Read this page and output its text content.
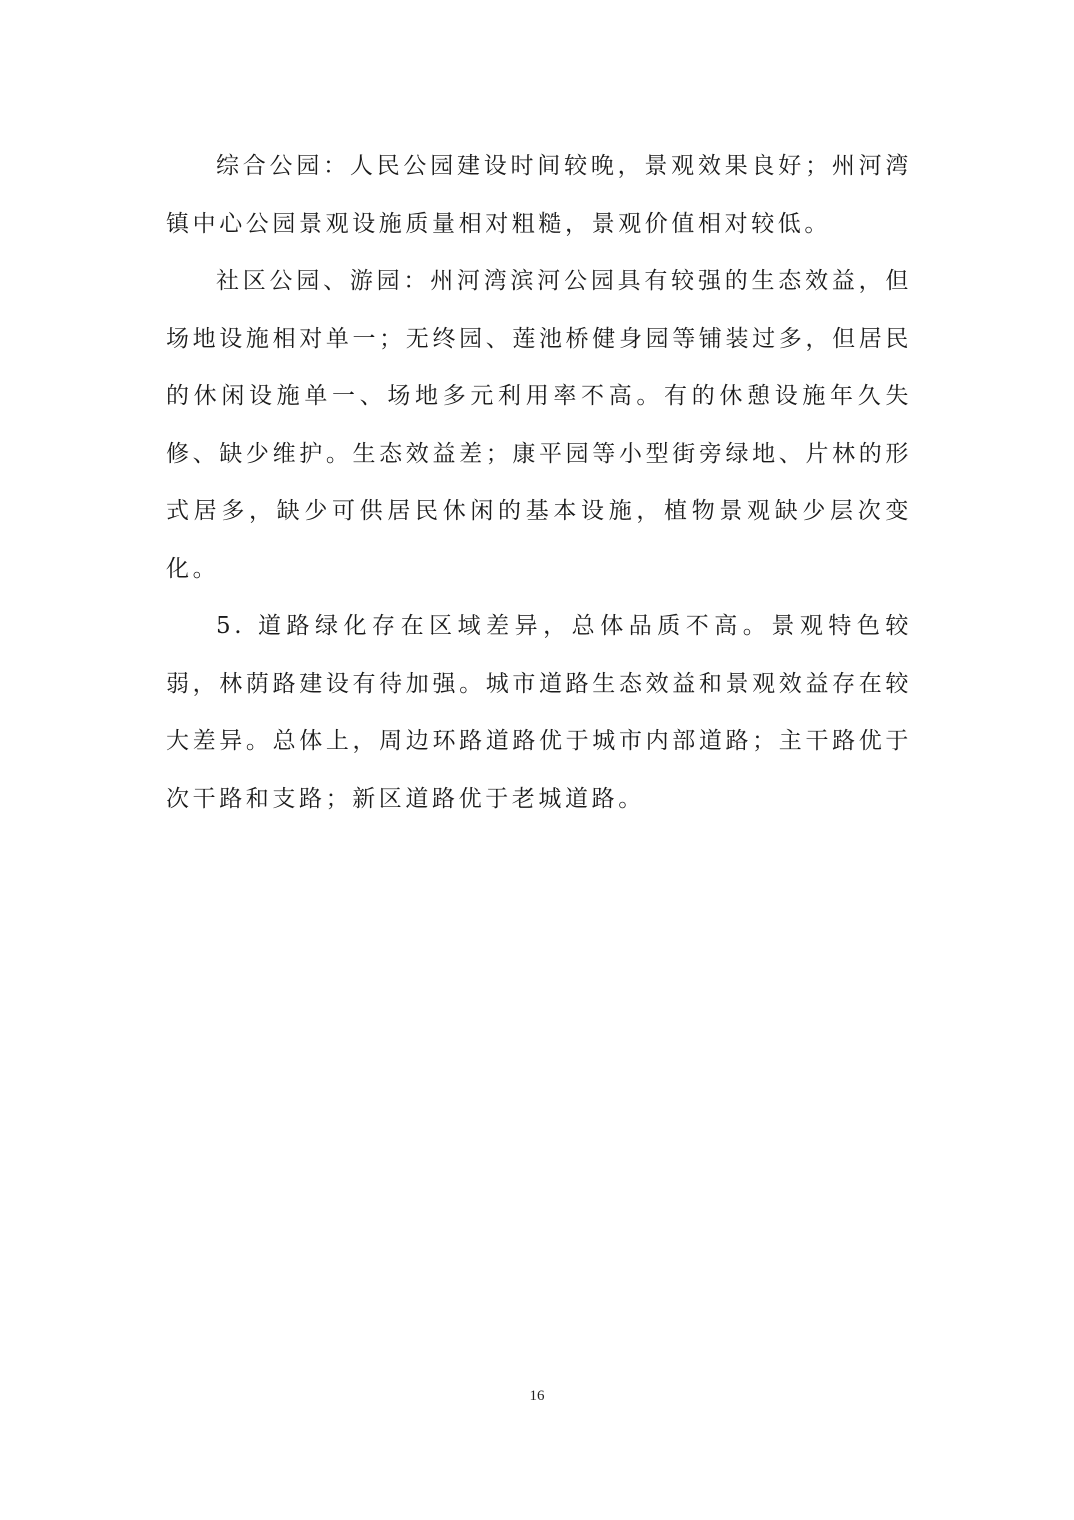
综合公园：人民公园建设时间较晚，景观效果良好；州河湾镇中心公园景观设施质量相对粗糙，景观价值相对较低。

社区公园、游园：州河湾滨河公园具有较强的生态效益，但场地设施相对单一；无终园、莲池桥健身园等铺装过多，但居民的休闲设施单一、场地多元利用率不高。有的休憩设施年久失修、缺少维护。生态效益差；康平园等小型街旁绿地、片林的形式居多，缺少可供居民休闲的基本设施，植物景观缺少层次变化。

5. 道路绿化存在区域差异，总体品质不高。景观特色较弱，林荫路建设有待加强。城市道路生态效益和景观效益存在较大差异。总体上，周边环路道路优于城市内部道路；主干路优于次干路和支路；新区道路优于老城道路。

16
